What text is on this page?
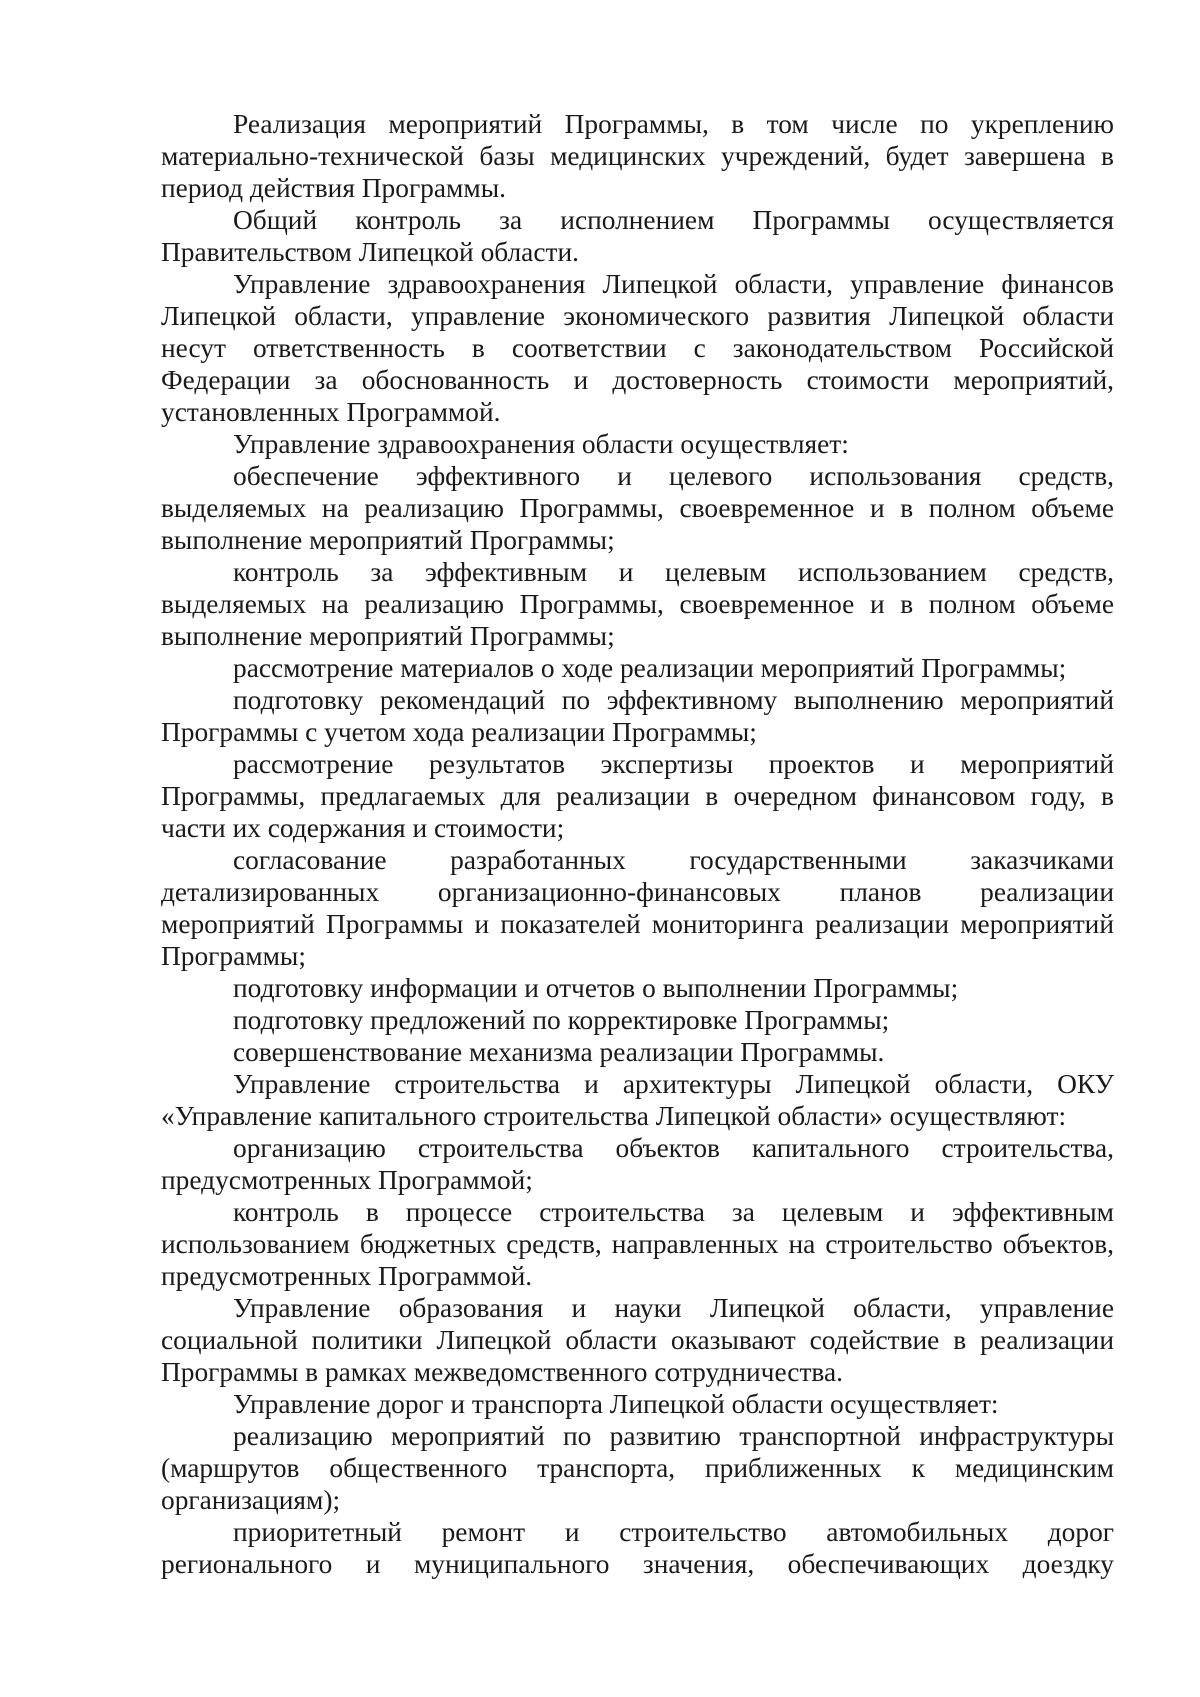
Реализация мероприятий Программы, в том числе по укреплению материально-технической базы медицинских учреждений, будет завершена в период действия Программы.

Общий контроль за исполнением Программы осуществляется Правительством Липецкой области.

Управление здравоохранения Липецкой области, управление финансов Липецкой области, управление экономического развития Липецкой области несут ответственность в соответствии с законодательством Российской Федерации за обоснованность и достоверность стоимости мероприятий, установленных Программой.

Управление здравоохранения области осуществляет:

обеспечение эффективного и целевого использования средств, выделяемых на реализацию Программы, своевременное и в полном объеме выполнение мероприятий Программы;

контроль за эффективным и целевым использованием средств, выделяемых на реализацию Программы, своевременное и в полном объеме выполнение мероприятий Программы;

рассмотрение материалов о ходе реализации мероприятий Программы;

подготовку рекомендаций по эффективному выполнению мероприятий Программы с учетом хода реализации Программы;

рассмотрение результатов экспертизы проектов и мероприятий Программы, предлагаемых для реализации в очередном финансовом году, в части их содержания и стоимости;

согласование разработанных государственными заказчиками детализированных организационно-финансовых планов реализации мероприятий Программы и показателей мониторинга реализации мероприятий Программы;

подготовку информации и отчетов о выполнении Программы;

подготовку предложений по корректировке Программы;

совершенствование механизма реализации Программы.

Управление строительства и архитектуры Липецкой области, ОКУ «Управление капитального строительства Липецкой области» осуществляют:

организацию строительства объектов капитального строительства, предусмотренных Программой;

контроль в процессе строительства за целевым и эффективным использованием бюджетных средств, направленных на строительство объектов, предусмотренных Программой.

Управление образования и науки Липецкой области, управление социальной политики Липецкой области оказывают содействие в реализации Программы в рамках межведомственного сотрудничества.

Управление дорог и транспорта Липецкой области осуществляет:

реализацию мероприятий по развитию транспортной инфраструктуры (маршрутов общественного транспорта, приближенных к медицинским организациям);

приоритетный ремонт и строительство автомобильных дорог регионального и муниципального значения, обеспечивающих доездку
